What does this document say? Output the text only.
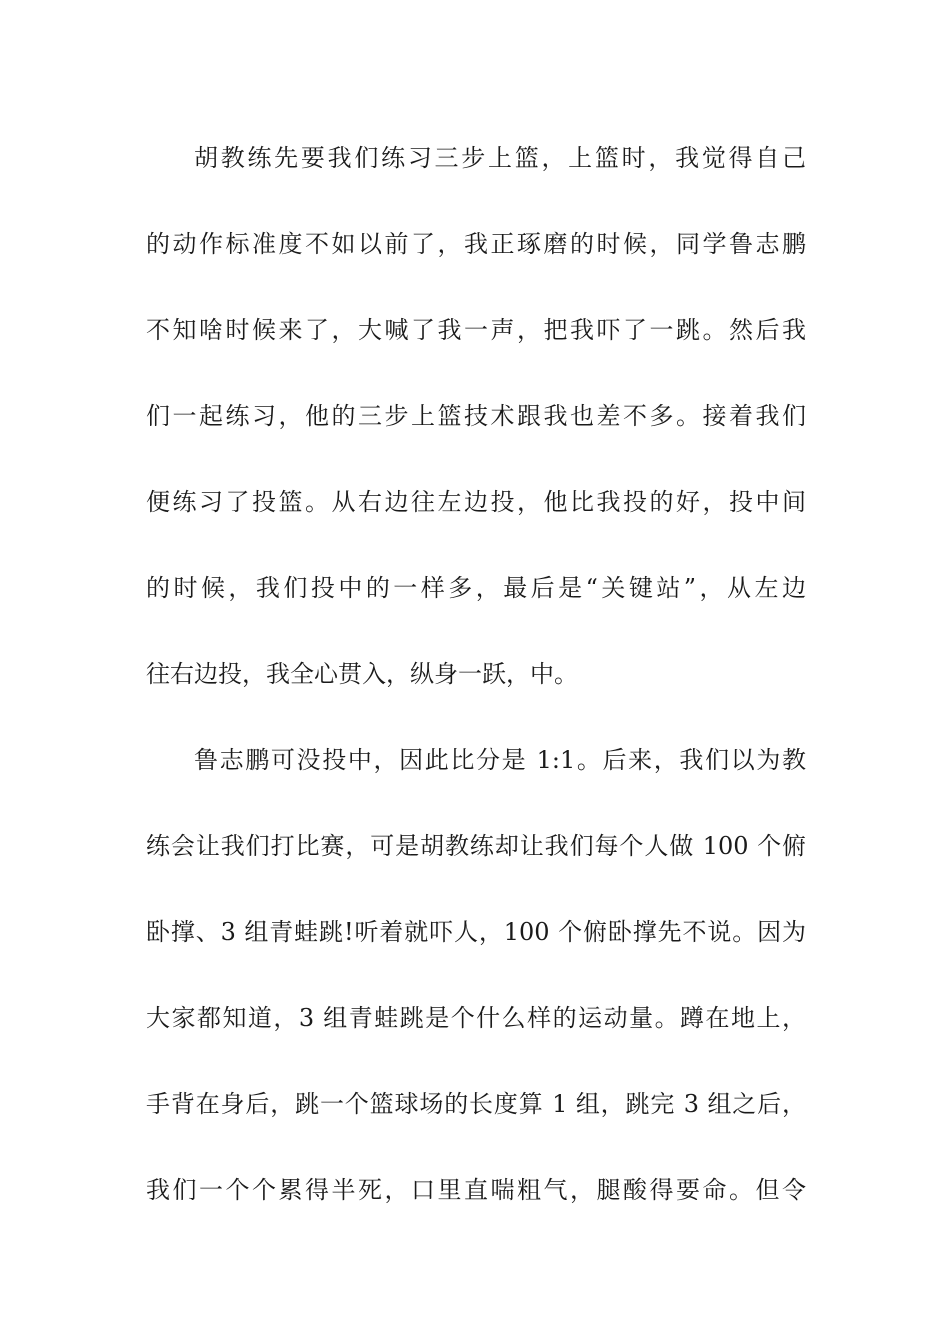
胡教练先要我们练习三步上篮，上篮时，我觉得自己
的动作标准度不如以前了，我正琢磨的时候，同学鲁志鹏
不知啥时候来了，大喊了我一声，把我吓了一跳。然后我
们一起练习，他的三步上篮技术跟我也差不多。接着我们
便练习了投篮。从右边往左边投，他比我投的好，投中间
的时候，我们投中的一样多，最后是“关键站”，从左边
往右边投，我全心贯入，纵身一跃，中。
鲁志鹏可没投中，因此比分是 1:1。后来，我们以为教
练会让我们打比赛，可是胡教练却让我们每个人做 100 个俯
卧撑、3 组青蛙跳!听着就吓人，100 个俯卧撑先不说。因为
大家都知道，3 组青蛙跳是个什么样的运动量。蹲在地上，
手背在身后，跳一个篮球场的长度算 1 组，跳完 3 组之后，
我们一个个累得半死，口里直喘粗气，腿酸得要命。但令
